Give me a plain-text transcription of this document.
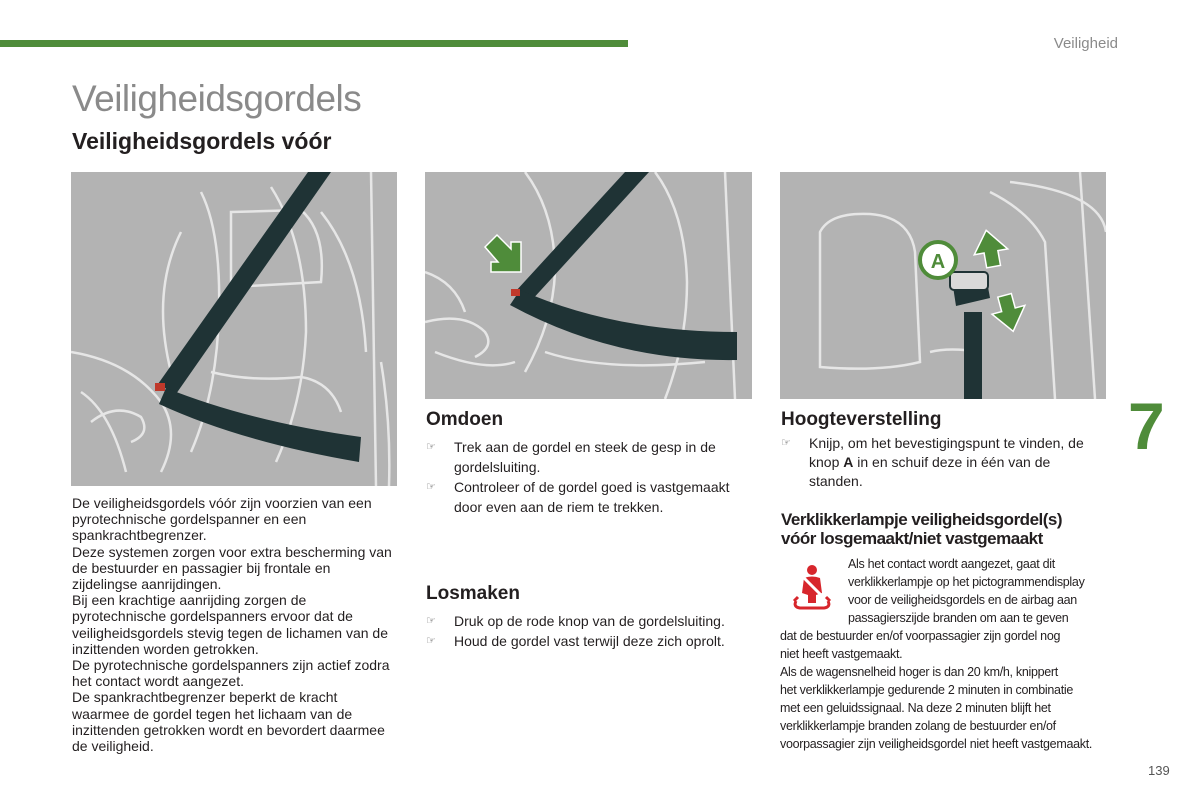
Veiligheid
Veiligheidsgordels
Veiligheidsgordels vóór
A

De veiligheidsgordels vóór zijn voorzien van een pyrotechnische gordelspanner en een spankrachtbegrenzer.

Deze systemen zorgen voor extra bescherming van de bestuurder en passagier bij frontale en zijdelingse aanrijdingen.

Bij een krachtige aanrijding zorgen de pyrotechnische gordelspanners ervoor dat de veiligheidsgordels stevig tegen de lichamen van de inzittenden worden getrokken.

De pyrotechnische gordelspanners zijn actief zodra het contact wordt aangezet.

De spankrachtbegrenzer beperkt de kracht waarmee de gordel tegen het lichaam van de inzittenden getrokken wordt en bevordert daarmee de veiligheid.

Omdoen
☞ Trek aan de gordel en steek de gesp in de gordelsluiting.
☞ Controleer of de gordel goed is vastgemaakt door even aan de riem te trekken.
Losmaken
☞ Druk op de rode knop van de gordelsluiting.
☞ Houd de gordel vast terwijl deze zich oprolt.
Hoogteverstelling
☞ Knijp, om het bevestigingspunt te vinden, de knop A in en schuif deze in één van de standen.
Verklikkerlampje veiligheidsgordel(s)
vóór losgemaakt/niet vastgemaakt

Als het contact wordt aangezet, gaat dit

verklikkerlampje op het pictogrammendisplay

voor de veiligheidsgordels en de airbag aan

passagierszijde branden om aan te geven

dat de bestuurder en/of voorpassagier zijn gordel nog

niet heeft vastgemaakt.

Als de wagensnelheid hoger is dan 20 km/h, knippert

het verklikkerlampje gedurende 2 minuten in combinatie

met een geluidssignaal. Na deze 2 minuten blijft het

verklikkerlampje branden zolang de bestuurder en/of

voorpassagier zijn veiligheidsgordel niet heeft vastgemaakt.

7
139
